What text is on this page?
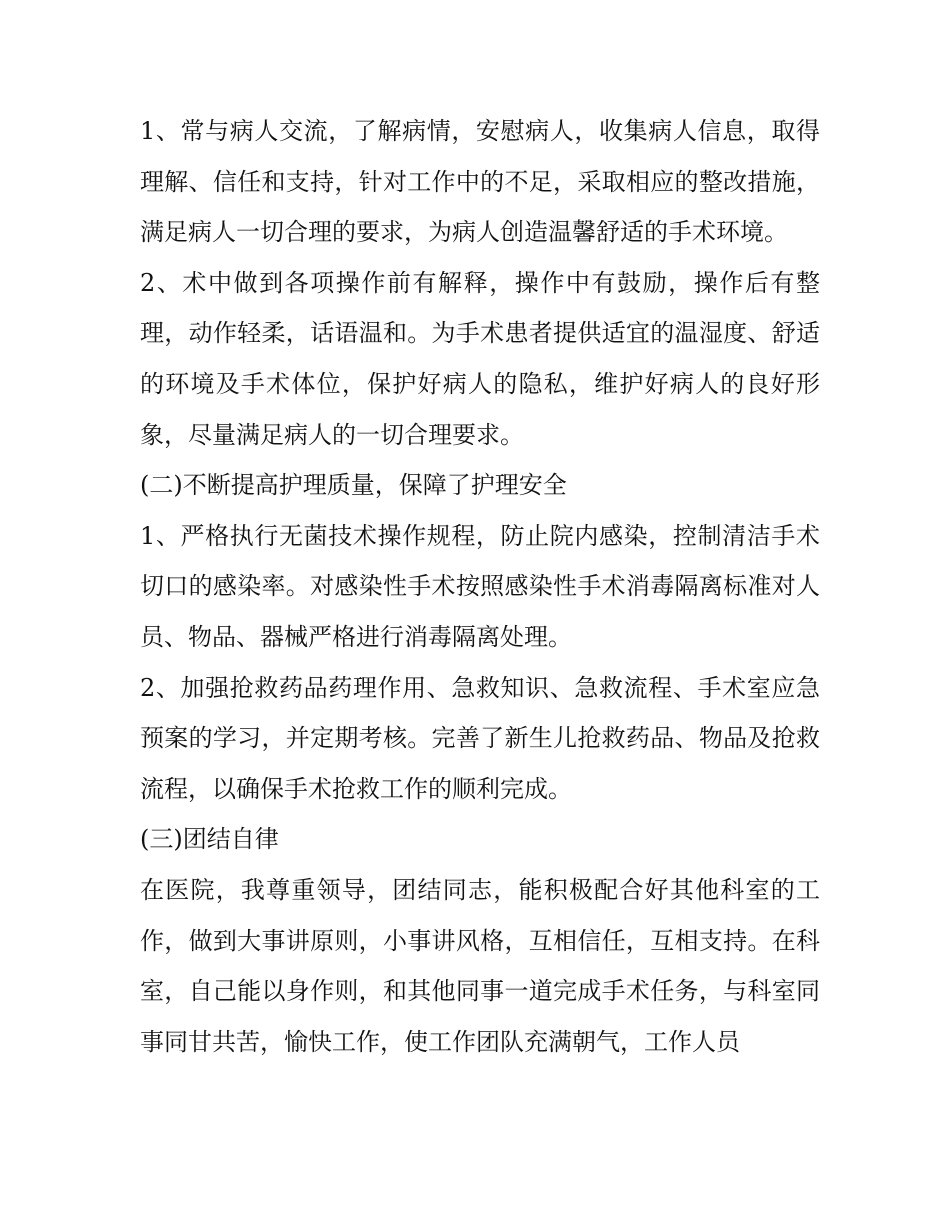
1、常与病人交流，了解病情，安慰病人，收集病人信息，取得理解、信任和支持，针对工作中的不足，采取相应的整改措施，满足病人一切合理的要求，为病人创造温馨舒适的手术环境。

2、术中做到各项操作前有解释，操作中有鼓励，操作后有整理，动作轻柔，话语温和。为手术患者提供适宜的温湿度、舒适的环境及手术体位，保护好病人的隐私，维护好病人的良好形象，尽量满足病人的一切合理要求。

(二)不断提高护理质量，保障了护理安全

1、严格执行无菌技术操作规程，防止院内感染，控制清洁手术切口的感染率。对感染性手术按照感染性手术消毒隔离标准对人员、物品、器械严格进行消毒隔离处理。

2、加强抢救药品药理作用、急救知识、急救流程、手术室应急预案的学习，并定期考核。完善了新生儿抢救药品、物品及抢救流程，以确保手术抢救工作的顺利完成。

(三)团结自律

在医院，我尊重领导，团结同志，能积极配合好其他科室的工作，做到大事讲原则，小事讲风格，互相信任，互相支持。在科室，自己能以身作则，和其他同事一道完成手术任务，与科室同事同甘共苦，愉快工作，使工作团队充满朝气，工作人员
